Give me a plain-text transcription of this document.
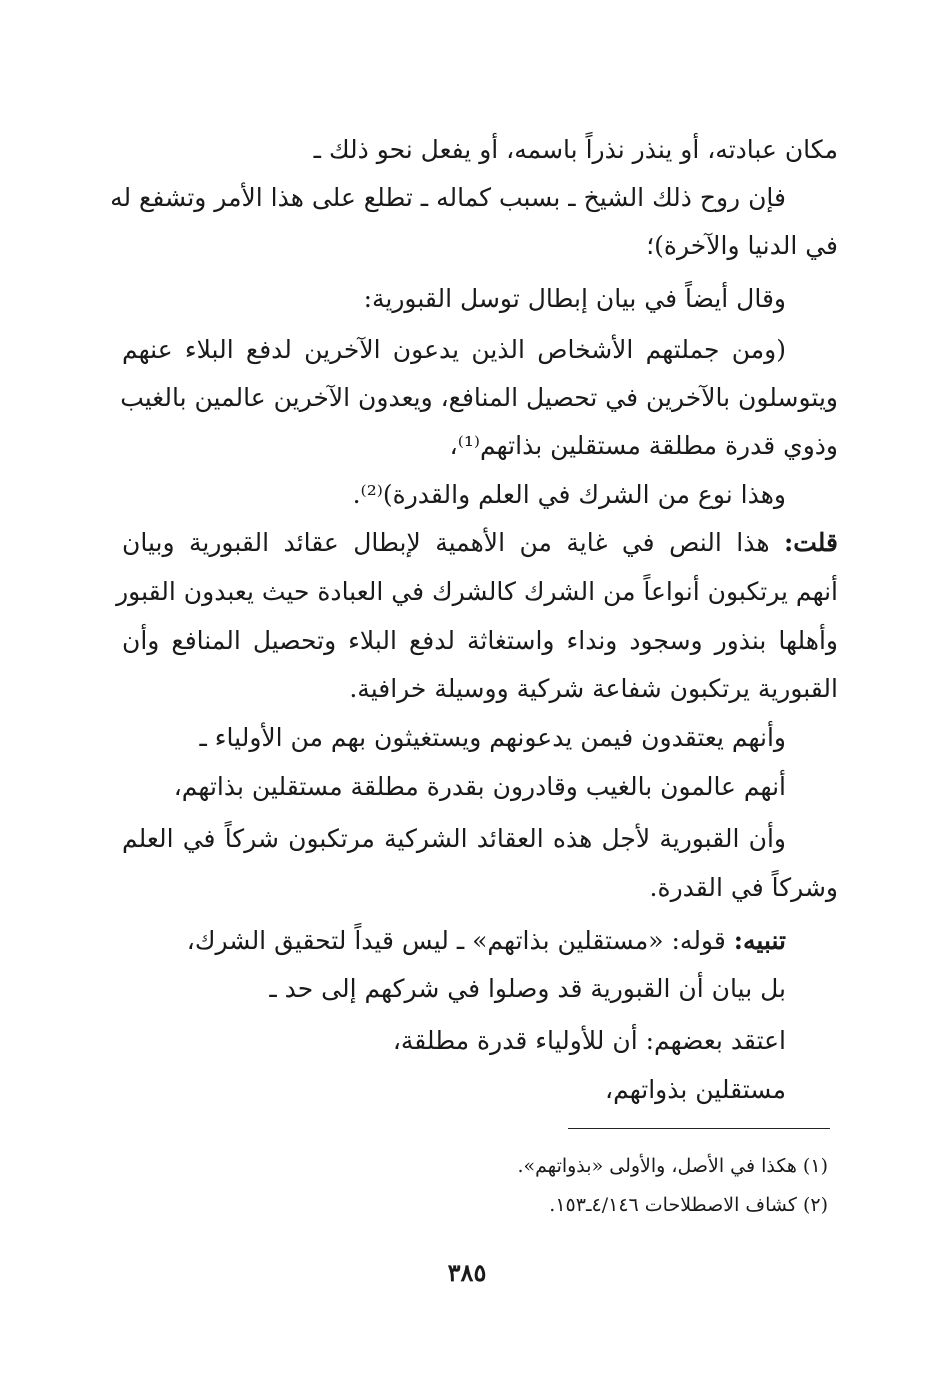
مكان عبادته، أو ينذر نذراً باسمه، أو يفعل نحو ذلك ـ

فإن روح ذلك الشيخ ـ بسبب كماله ـ تطلع على هذا الأمر وتشفع له

في الدنيا والآخرة)؛

وقال أيضاً في بيان إبطال توسل القبورية:

(ومن جملتهم الأشخاص الذين يدعون الآخرين لدفع البلاء عنهم

ويتوسلون بالآخرين في تحصيل المنافع، ويعدون الآخرين عالمين بالغيب

وذوي قدرة مطلقة مستقلين بذاتهم⁽¹⁾،

وهذا نوع من الشرك في العلم والقدرة)⁽²⁾.

قلت: هذا النص في غاية من الأهمية لإبطال عقائد القبورية وبيان

أنهم يرتكبون أنواعاً من الشرك كالشرك في العبادة حيث يعبدون القبور

وأهلها بنذور وسجود ونداء واستغاثة لدفع البلاء وتحصيل المنافع وأن

القبورية يرتكبون شفاعة شركية ووسيلة خرافية.

وأنهم يعتقدون فيمن يدعونهم ويستغيثون بهم من الأولياء ـ

أنهم عالمون بالغيب وقادرون بقدرة مطلقة مستقلين بذاتهم،

وأن القبورية لأجل هذه العقائد الشركية مرتكبون شركاً في العلم

وشركاً في القدرة.

تنبيه: قوله: «مستقلين بذاتهم» ـ ليس قيداً لتحقيق الشرك،

بل بيان أن القبورية قد وصلوا في شركهم إلى حد ـ

اعتقد بعضهم: أن للأولياء قدرة مطلقة،

مستقلين بذواتهم،

(١) هكذا في الأصل، والأولى «بذواتهم».
(٢) كشاف الاصطلاحات ٤/١٤٦ـ١٥٣.
٣٨٥
